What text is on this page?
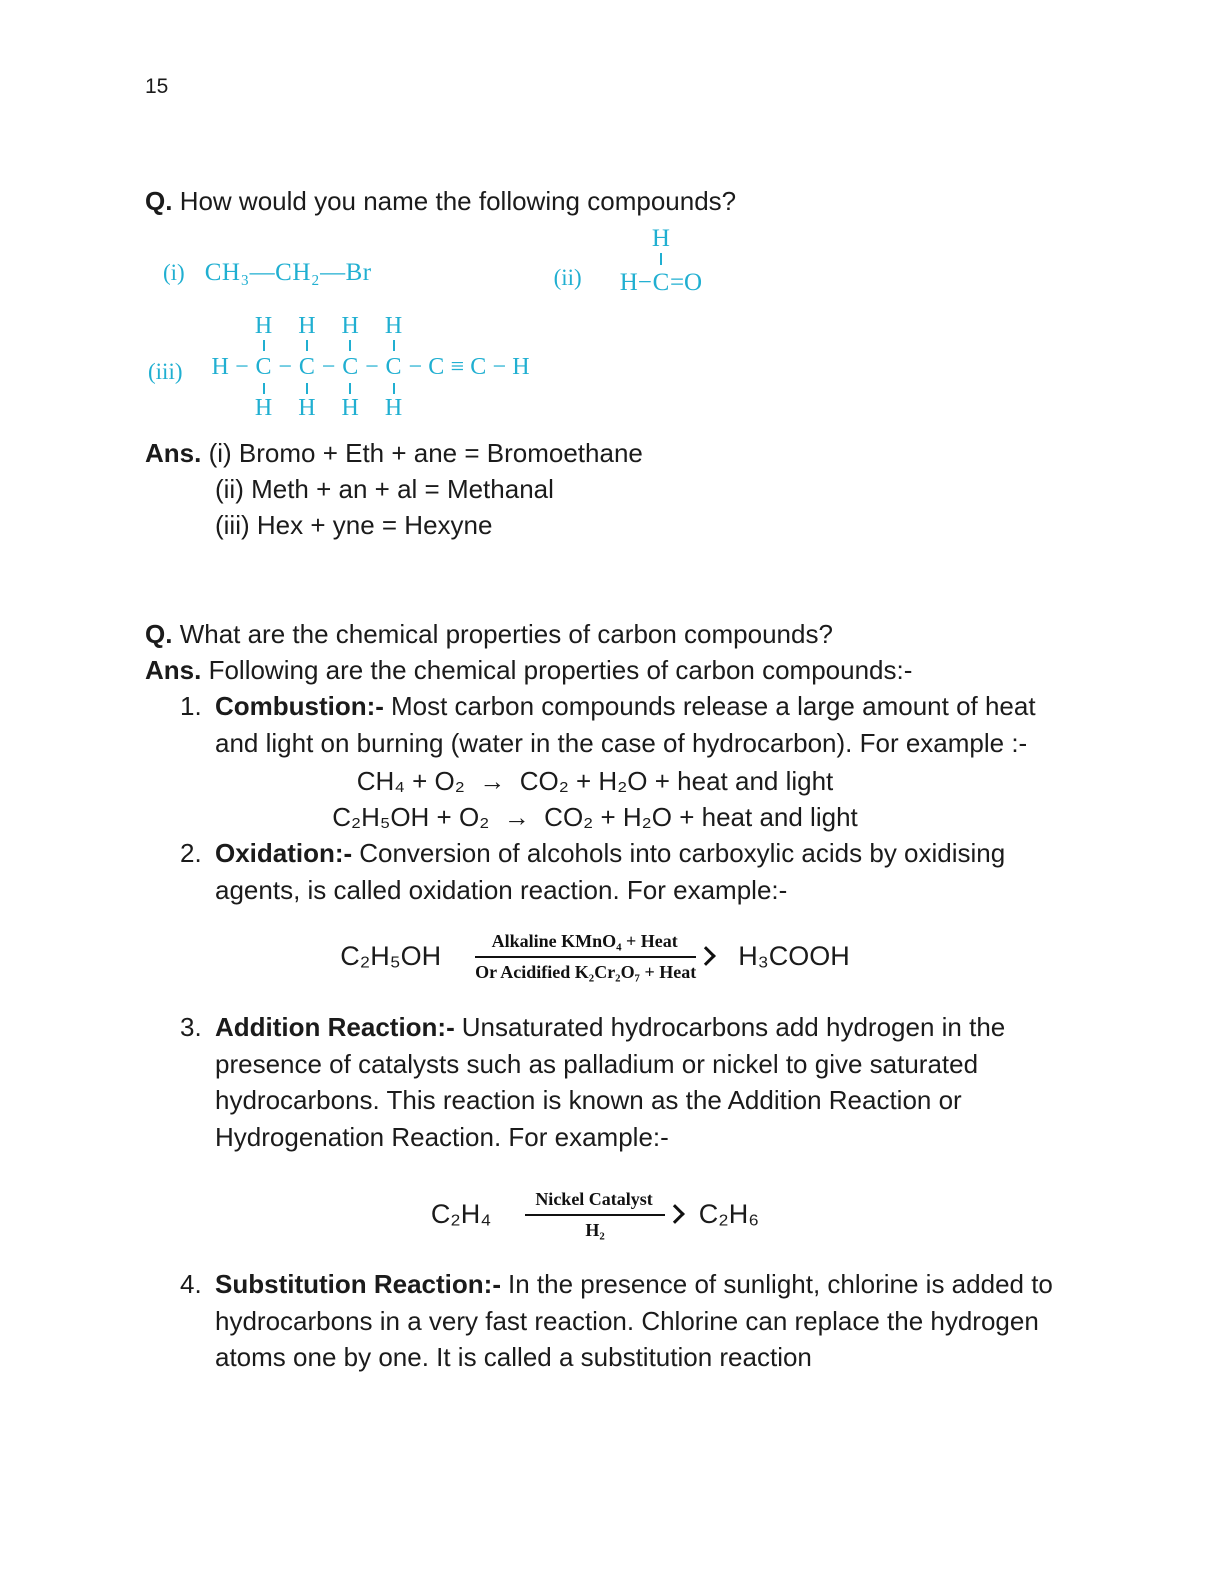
15
Q. How would you name the following compounds?
(i) CH₃—CH₂—Br	(ii) H−
H
C =O
(iii) H −
H
C
H
−
H
C
H
−
H
C
H
−
H
C
H
− C ≡ C − H
Ans. (i) Bromo + Eth + ane = Bromoethane
(ii) Meth + an + al = Methanal
(iii) Hex + yne = Hexyne
Q. What are the chemical properties of carbon compounds?
Ans. Following are the chemical properties of carbon compounds:-
1. Combustion:- Most carbon compounds release a large amount of heat and light on burning (water in the case of hydrocarbon). For example :-
CH₄ + O₂  →  CO₂ + H₂O + heat and light
C₂H₅OH + O₂  →  CO₂ + H₂O + heat and light
2. Oxidation:- Conversion of alcohols into carboxylic acids by oxidising agents, is called oxidation reaction. For example:-
C₂H₅OH	Alkaline KMnO₄ + Heat
Or Acidified K₂Cr₂O₇ + Heat
H₃COOH
3. Addition Reaction:- Unsaturated hydrocarbons add hydrogen in the presence of catalysts such as palladium or nickel to give saturated hydrocarbons. This reaction is known as the Addition Reaction or Hydrogenation Reaction. For example:-
C₂H₄	Nickel Catalyst
H₂
C₂H₆
4. Substitution Reaction:- In the presence of sunlight, chlorine is added to hydrocarbons in a very fast reaction. Chlorine can replace the hydrogen atoms one by one. It is called a substitution reaction
